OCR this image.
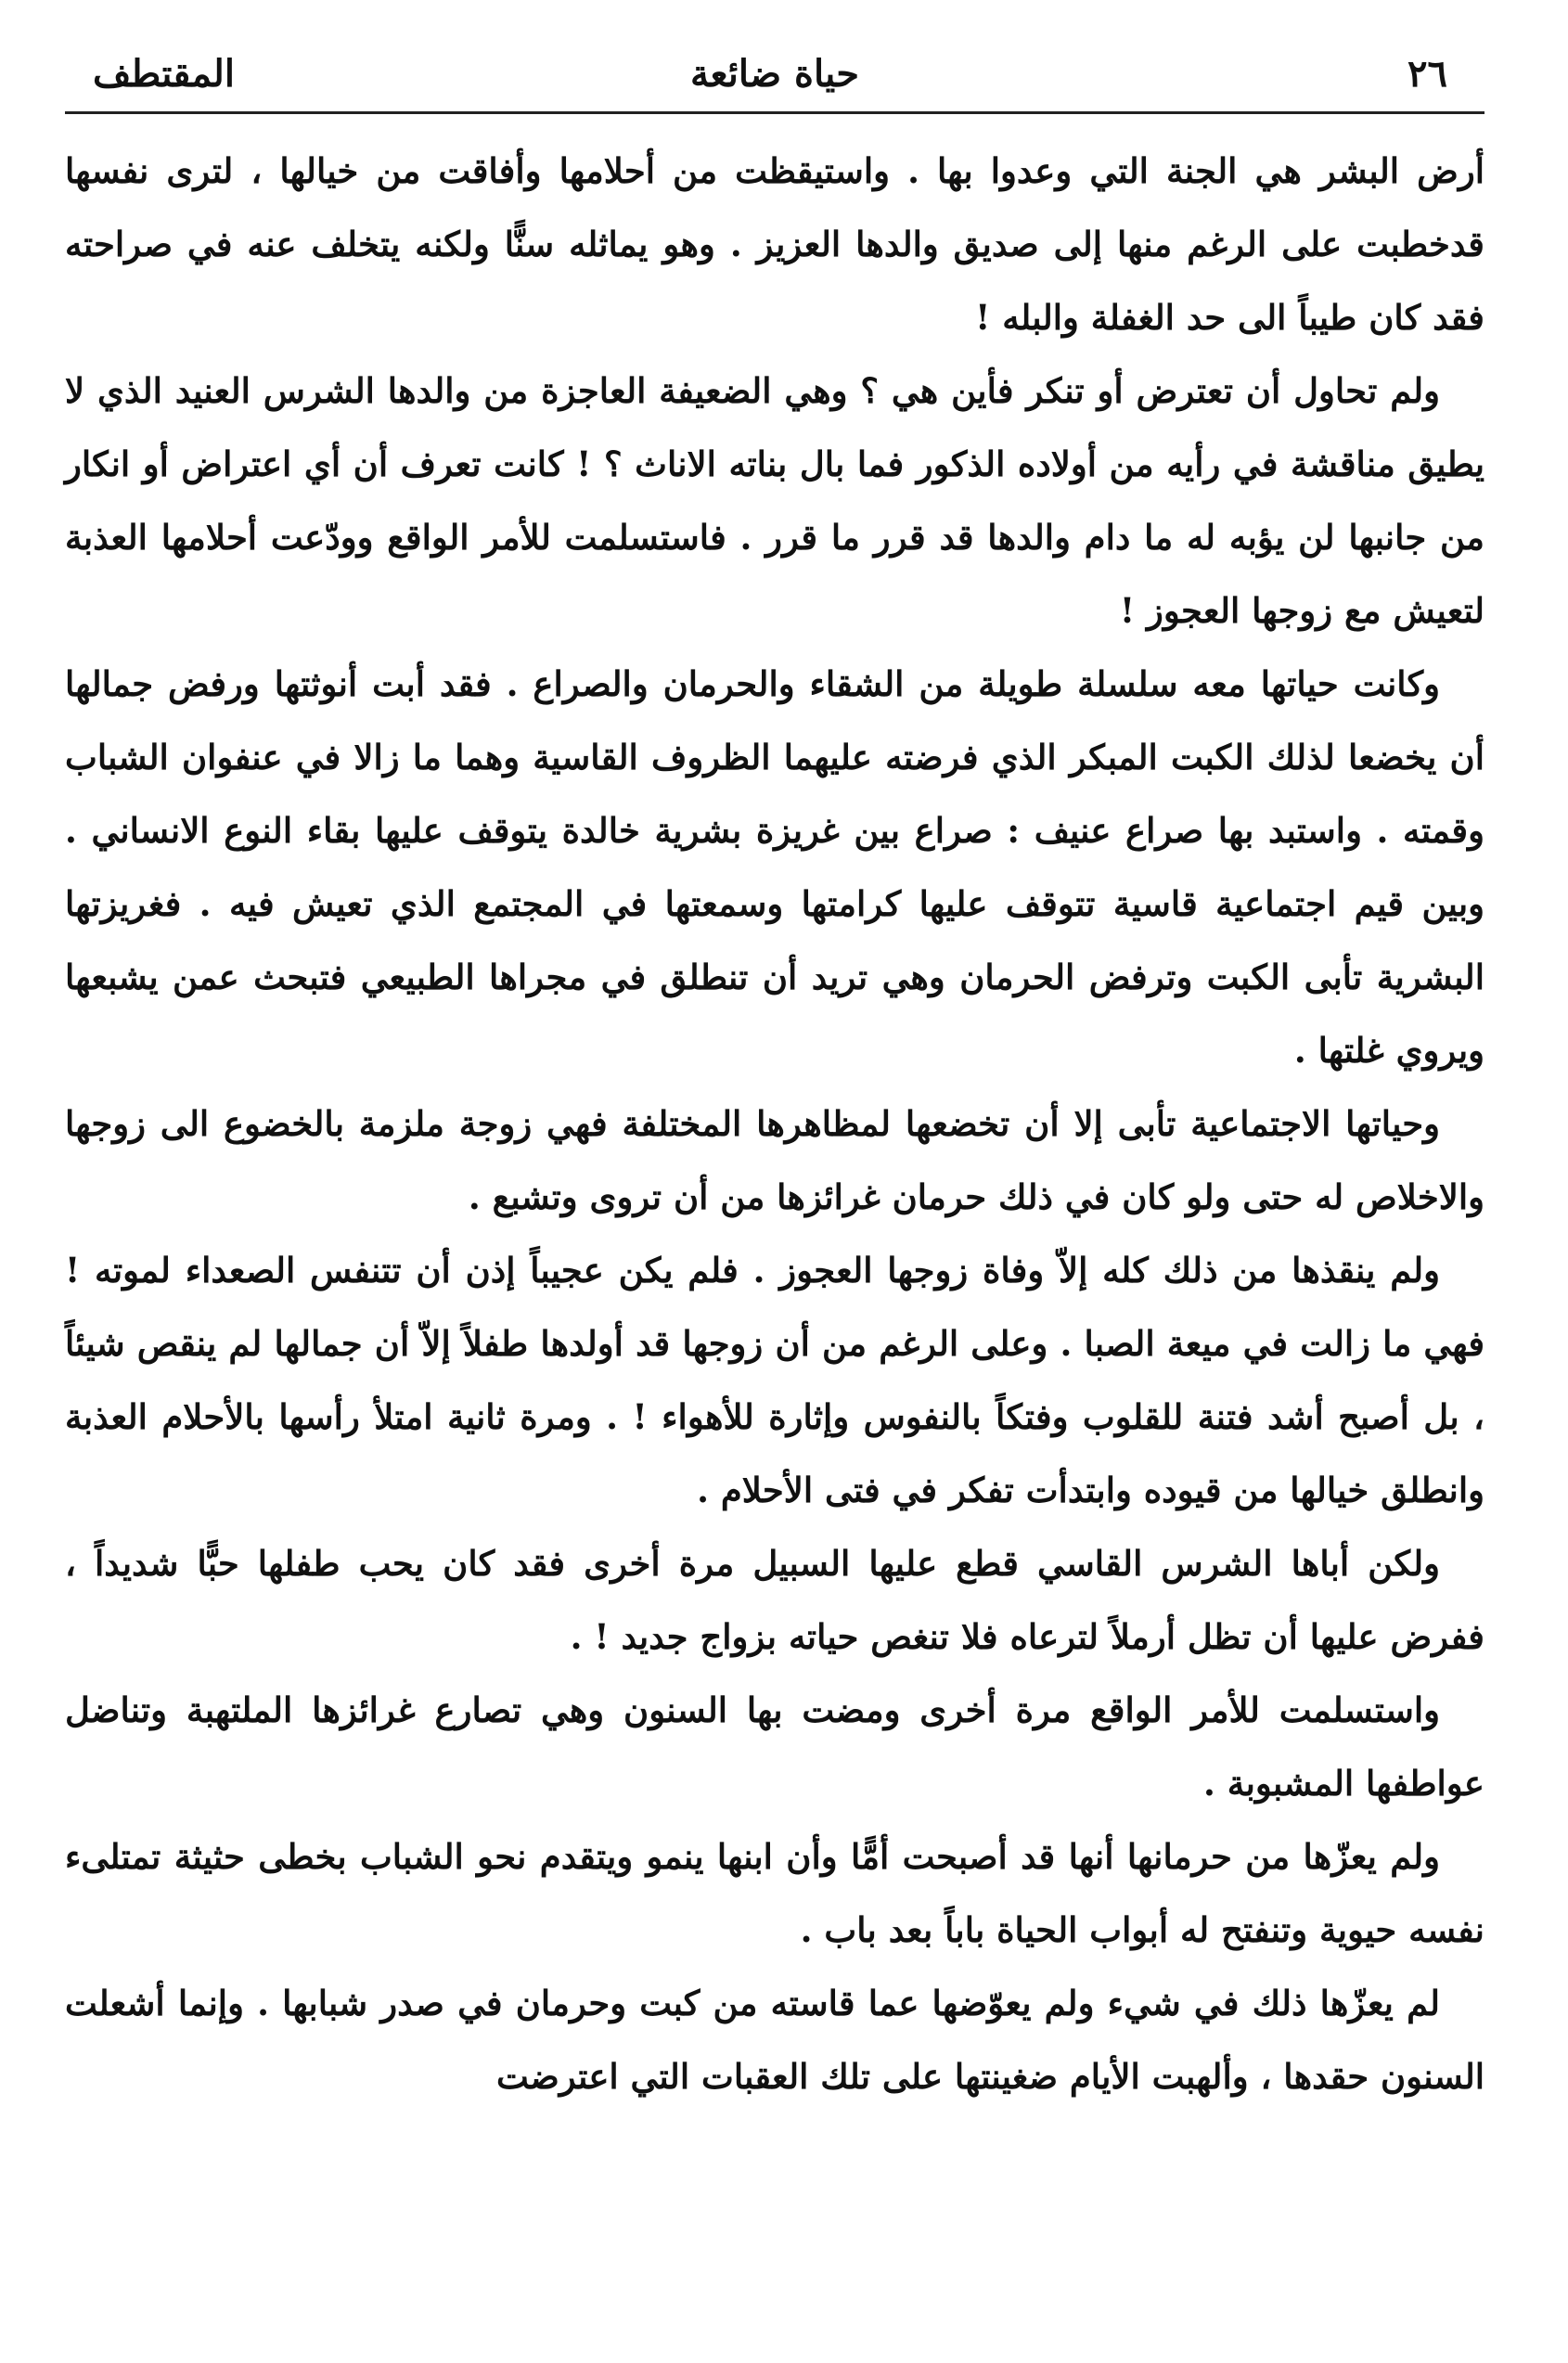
٢٦
حياة ضائعة
المقتطف

أرض البشر هي الجنة التي وعدوا بها . واستيقظت من أحلامها وأفاقت من خيالها ، لترى نفسها قدخطبت على الرغم منها إلى صديق والدها العزيز . وهو يماثله سنًّا ولكنه يتخلف عنه في صراحته فقد كان طيباً الى حد الغفلة والبله !

ولم تحاول أن تعترض أو تنكر فأين هي ؟ وهي الضعيفة العاجزة من والدها الشرس العنيد الذي لا يطيق مناقشة في رأيه من أولاده الذكور فما بال بناته الاناث ؟ ! كانت تعرف أن أي اعتراض أو انكار من جانبها لن يؤبه له ما دام والدها قد قرر ما قرر . فاستسلمت للأمر الواقع وودّعت أحلامها العذبة لتعيش مع زوجها العجوز !

وكانت حياتها معه سلسلة طويلة من الشقاء والحرمان والصراع . فقد أبت أنوثتها ورفض جمالها أن يخضعا لذلك الكبت المبكر الذي فرضته عليهما الظروف القاسية وهما ما زالا في عنفوان الشباب وقمته . واستبد بها صراع عنيف : صراع بين غريزة بشرية خالدة يتوقف عليها بقاء النوع الانساني . وبين قيم اجتماعية قاسية تتوقف عليها كرامتها وسمعتها في المجتمع الذي تعيش فيه . فغريزتها البشرية تأبى الكبت وترفض الحرمان وهي تريد أن تنطلق في مجراها الطبيعي فتبحث عمن يشبعها ويروي غلتها .

وحياتها الاجتماعية تأبى إلا أن تخضعها لمظاهرها المختلفة فهي زوجة ملزمة بالخضوع الى زوجها والاخلاص له حتى ولو كان في ذلك حرمان غرائزها من أن تروى وتشبع .

ولم ينقذها من ذلك كله إلاّ وفاة زوجها العجوز . فلم يكن عجيباً إذن أن تتنفس الصعداء لموته ! فهي ما زالت في ميعة الصبا . وعلى الرغم من أن زوجها قد أولدها طفلاً إلاّ أن جمالها لم ينقص شيئاً ، بل أصبح أشد فتنة للقلوب وفتكاً بالنفوس وإثارة للأهواء ! . ومرة ثانية امتلأ رأسها بالأحلام العذبة وانطلق خيالها من قيوده وابتدأت تفكر في فتى الأحلام .

ولكن أباها الشرس القاسي قطع عليها السبيل مرة أخرى فقد كان يحب طفلها حبًّا شديداً ، ففرض عليها أن تظل أرملاً لترعاه فلا تنغص حياته بزواج جديد ! .

واستسلمت للأمر الواقع مرة أخرى ومضت بها السنون وهي تصارع غرائزها الملتهبة وتناضل عواطفها المشبوبة .

ولم يعزّها من حرمانها أنها قد أصبحت أمًّا وأن ابنها ينمو ويتقدم نحو الشباب بخطى حثيثة تمتلىء نفسه حيوية وتنفتح له أبواب الحياة باباً بعد باب .

لم يعزّها ذلك في شيء ولم يعوّضها عما قاسته من كبت وحرمان في صدر شبابها . وإنما أشعلت السنون حقدها ، وألهبت الأيام ضغينتها على تلك العقبات التي اعترضت
